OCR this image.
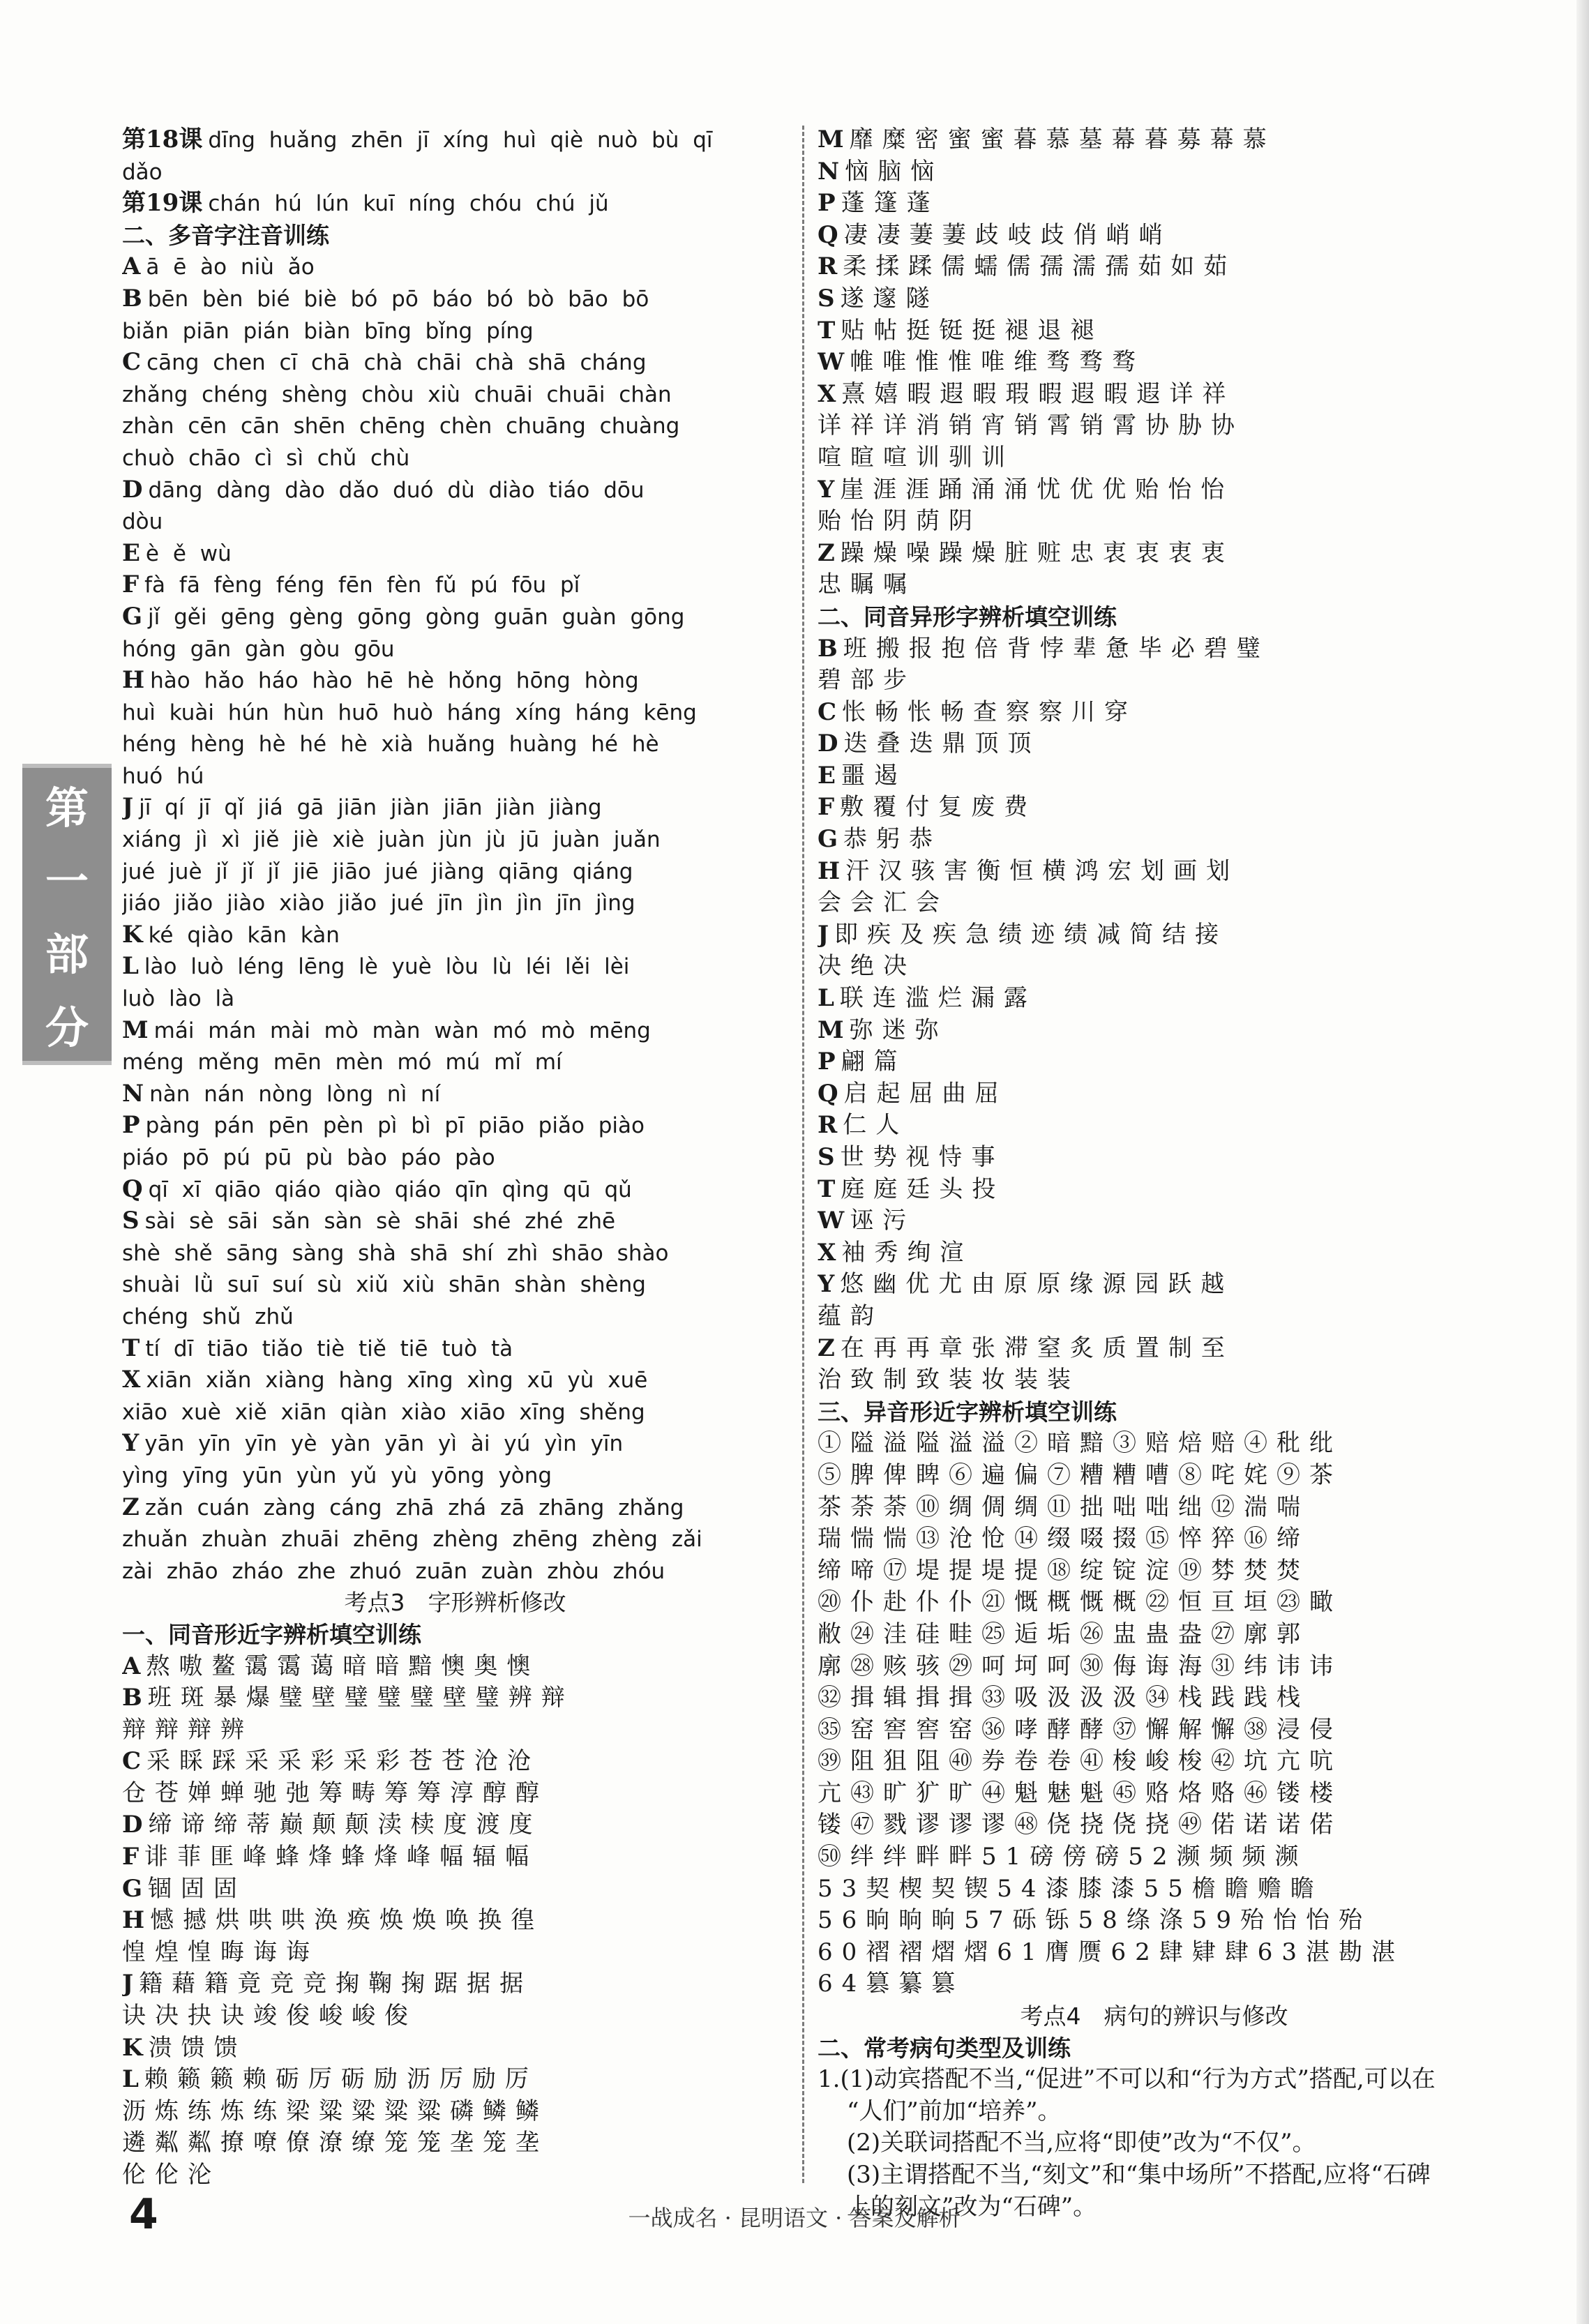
第
一
部
分
第18课 dīng huǎng zhēn jī xíng huì qiè nuò bù qī
dǎo
第19课 chán hú lún kuī níng chóu chú jǔ
二、多音字注音训练
A ā ē ào niù ǎo
B bēn bèn bié biè bó pō báo bó bò bāo bō
biǎn piān pián biàn bīng bǐng píng
C cāng chen cī chā chà chāi chà shā cháng
zhǎng chéng shèng chòu xiù chuāi chuāi chàn
zhàn cēn cān shēn chēng chèn chuāng chuàng
chuò chāo cì sì chǔ chù
D dāng dàng dào dǎo duó dù diào tiáo dōu
dòu
E è ě wù
F fà fā fèng féng fēn fèn fǔ pú fōu pǐ
G jǐ gěi gēng gèng gōng gòng guān guàn gōng
hóng gān gàn gòu gōu
H hào hǎo háo hào hē hè hǒng hōng hòng
huì kuài hún hùn huō huò háng xíng háng kēng
héng hèng hè hé hè xià huǎng huàng hé hè
huó hú
J jī qí jī qǐ jiá gā jiān jiàn jiān jiàn jiàng
xiáng jì xì jiě jiè xiè juàn jùn jù jū juàn juǎn
jué juè jǐ jǐ jǐ jiē jiāo jué jiàng qiāng qiáng
jiáo jiǎo jiào xiào jiǎo jué jīn jìn jìn jīn jìng
K ké qiào kān kàn
L lào luò léng lēng lè yuè lòu lù léi lěi lèi
luò lào là
M mái mán mài mò màn wàn mó mò mēng
méng měng mēn mèn mó mú mǐ mí
N nàn nán nòng lòng nì ní
P pàng pán pēn pèn pì bì pī piāo piǎo piào
piáo pō pú pū pù bào páo pào
Q qī xī qiāo qiáo qiào qiáo qīn qìng qū qǔ
S sài sè sāi sǎn sàn sè shāi shé zhé zhē
shè shě sāng sàng shà shā shí zhì shāo shào
shuài lǜ suī suí sù xiǔ xiù shān shàn shèng
chéng shǔ zhǔ
T tí dī tiāo tiǎo tiè tiě tiē tuò tà
X xiān xiǎn xiàng hàng xīng xìng xū yù xuē
xiāo xuè xiě xiān qiàn xiào xiāo xīng shěng
Y yān yīn yīn yè yàn yān yì ài yú yìn yīn
yìng yīng yūn yùn yǔ yù yōng yòng
Z zǎn cuán zàng cáng zhā zhá zā zhāng zhǎng
zhuǎn zhuàn zhuāi zhēng zhèng zhēng zhèng zǎi
zài zhāo zháo zhe zhuó zuān zuàn zhòu zhóu
考点3　字形辨析修改
一、同音形近字辨析填空训练
A 熬嗷鳌霭霭蔼暗暗黯懊奥懊
B 班斑暴爆璧壁璧璧璧壁璧辨辩
辩辩辩辨
C 采睬踩采采彩采彩苍苍沧沧
仓苍婵蝉驰弛筹畴筹筹淳醇醇
D 缔谛缔蒂巅颠颠渎椟度渡度
F 诽菲匪峰蜂烽蜂烽峰幅辐幅
G 锢固固
H 憾撼烘哄哄涣痪焕焕唤换徨
惶煌惶晦诲诲
J 籍藉籍竟竞竞掬鞠掬踞据据
诀决抉诀竣俊峻峻俊
K 溃馈馈
L 赖籁籁赖砺厉砺励沥厉励厉
沥炼练炼练梁粱粱粱粱磷鳞鳞
遴粼粼撩嘹僚潦缭笼笼垄笼垄
伦伦沦
M 靡糜密蜜蜜暮慕墓幕暮募幕慕
N 恼脑恼
P 蓬篷蓬
Q 凄凄萋萋歧岐歧俏峭峭
R 柔揉蹂儒蠕儒孺濡孺茹如茹
S 遂邃隧
T 贴帖挺铤挺褪退褪
W 帷唯惟惟唯维骛骛骛
X 熹嬉暇遐暇瑕暇遐暇遐详祥
详祥详消销宵销霄销霄协胁协
喧暄喧训驯训
Y 崖涯涯踊涌涌忧优优贻怡怡
贻怡阴荫阴
Z 躁燥噪躁燥脏赃忠衷衷衷衷
忠瞩嘱
二、同音异形字辨析填空训练
B 班搬报抱倍背悖辈惫毕必碧璧
碧部步
C 怅畅怅畅查察察川穿
D 迭叠迭鼎顶顶
E 噩遏
F 敷覆付复废费
G 恭躬恭
H 汗汉骇害衡恒横鸿宏划画划
会会汇会
J 即疾及疾急绩迹绩减简结接
决绝决
L 联连滥烂漏露
M 弥迷弥
P 翩篇
Q 启起屈曲屈
R 仁人
S 世势视恃事
T 庭庭廷头投
W 诬污
X 袖秀绚渲
Y 悠幽优尤由原原缘源园跃越
蕴韵
Z 在再再章张滞窒炙质置制至
治致制致装妆装装
三、异音形近字辨析填空训练
①隘溢隘溢溢②暗黯③赔焙赔④秕纰
⑤脾俾睥⑥遍偏⑦糟糟嘈⑧咤姹⑨茶
茶荼荼⑩绸倜绸⑪拙咄咄绌⑫湍喘
瑞惴惴⑬沧怆⑭缀啜掇⑮悴猝⑯缔
缔啼⑰堤提堤提⑱绽锭淀⑲棼焚焚
⑳仆赴仆仆㉑慨概慨概㉒恒亘垣㉓瞰
敝㉔洼硅畦㉕逅垢㉖盅蛊盎㉗廓郭
廓㉘赅骇㉙呵坷呵㉚侮诲海㉛纬讳讳
㉜揖辑揖揖㉝吸汲汲汲㉞栈践践栈
㉟窑窖窖窑㊱哮酵酵㊲懈解懈㊳浸侵
㊴阻狙阻㊵券卷卷㊶梭峻梭㊷坑亢吭
亢㊸旷犷旷㊹魁魅魁㊺赂烙赂㊻镂楼
镂㊼戮谬谬谬㊽侥挠侥挠㊾偌诺诺偌
㊿绊绊畔畔51磅傍磅52濒频频濒
53契楔契锲54漆膝漆55檐瞻赡瞻
56晌晌晌57砾铄58绦涤59殆怡怡殆
60褶褶熠熠61膺赝62肆肄肆63湛勘湛
64篡纂篡
考点4　病句的辨识与修改
二、常考病句类型及训练
1.(1)动宾搭配不当,“促进”不可以和“行为方式”搭配,可以在
“人们”前加“培养”。
(2)关联词搭配不当,应将“即使”改为“不仅”。
(3)主谓搭配不当,“刻文”和“集中场所”不搭配,应将“石碑
上的刻文”改为“石碑”。
4	一战成名 · 昆明语文 · 答案及解析
